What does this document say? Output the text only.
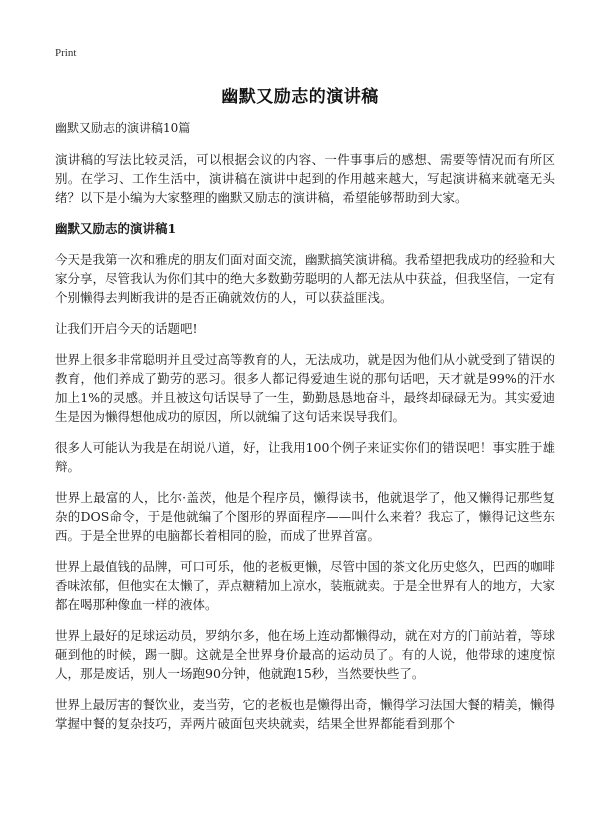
Print
幽默又励志的演讲稿

幽默又励志的演讲稿10篇

演讲稿的写法比较灵活，可以根据会议的内容、一件事事后的感想、需要等情况而有所区别。在学习、工作生活中，演讲稿在演讲中起到的作用越来越大，写起演讲稿来就毫无头绪？以下是小编为大家整理的幽默又励志的演讲稿，希望能够帮助到大家。

幽默又励志的演讲稿1

今天是我第一次和雅虎的朋友们面对面交流，幽默搞笑演讲稿。我希望把我成功的经验和大家分享，尽管我认为你们其中的绝大多数勤劳聪明的人都无法从中获益，但我坚信，一定有个别懒得去判断我讲的是否正确就效仿的人，可以获益匪浅。

让我们开启今天的话题吧!

世界上很多非常聪明并且受过高等教育的人，无法成功，就是因为他们从小就受到了错误的教育，他们养成了勤劳的恶习。很多人都记得爱迪生说的那句话吧，天才就是99%的汗水加上1%的灵感。并且被这句话误导了一生，勤勤恳恳地奋斗，最终却碌碌无为。其实爱迪生是因为懒得想他成功的原因，所以就编了这句话来误导我们。

很多人可能认为我是在胡说八道，好，让我用100个例子来证实你们的错误吧！事实胜于雄辩。

世界上最富的人，比尔·盖茨，他是个程序员，懒得读书，他就退学了，他又懒得记那些复杂的DOS命令，于是他就编了个图形的界面程序——叫什么来着？我忘了，懒得记这些东西。于是全世界的电脑都长着相同的脸，而成了世界首富。

世界上最值钱的品牌，可口可乐，他的老板更懒，尽管中国的茶文化历史悠久，巴西的咖啡香味浓郁，但他实在太懒了，弄点糖精加上凉水，装瓶就卖。于是全世界有人的地方，大家都在喝那种像血一样的液体。

世界上最好的足球运动员，罗纳尔多，他在场上连动都懒得动，就在对方的门前站着，等球砸到他的时候，踢一脚。这就是全世界身价最高的运动员了。有的人说，他带球的速度惊人，那是废话，别人一场跑90分钟，他就跑15秒，当然要快些了。

世界上最厉害的餐饮业，麦当劳，它的老板也是懒得出奇，懒得学习法国大餐的精美，懒得掌握中餐的复杂技巧，弄两片破面包夹块就卖，结果全世界都能看到那个
